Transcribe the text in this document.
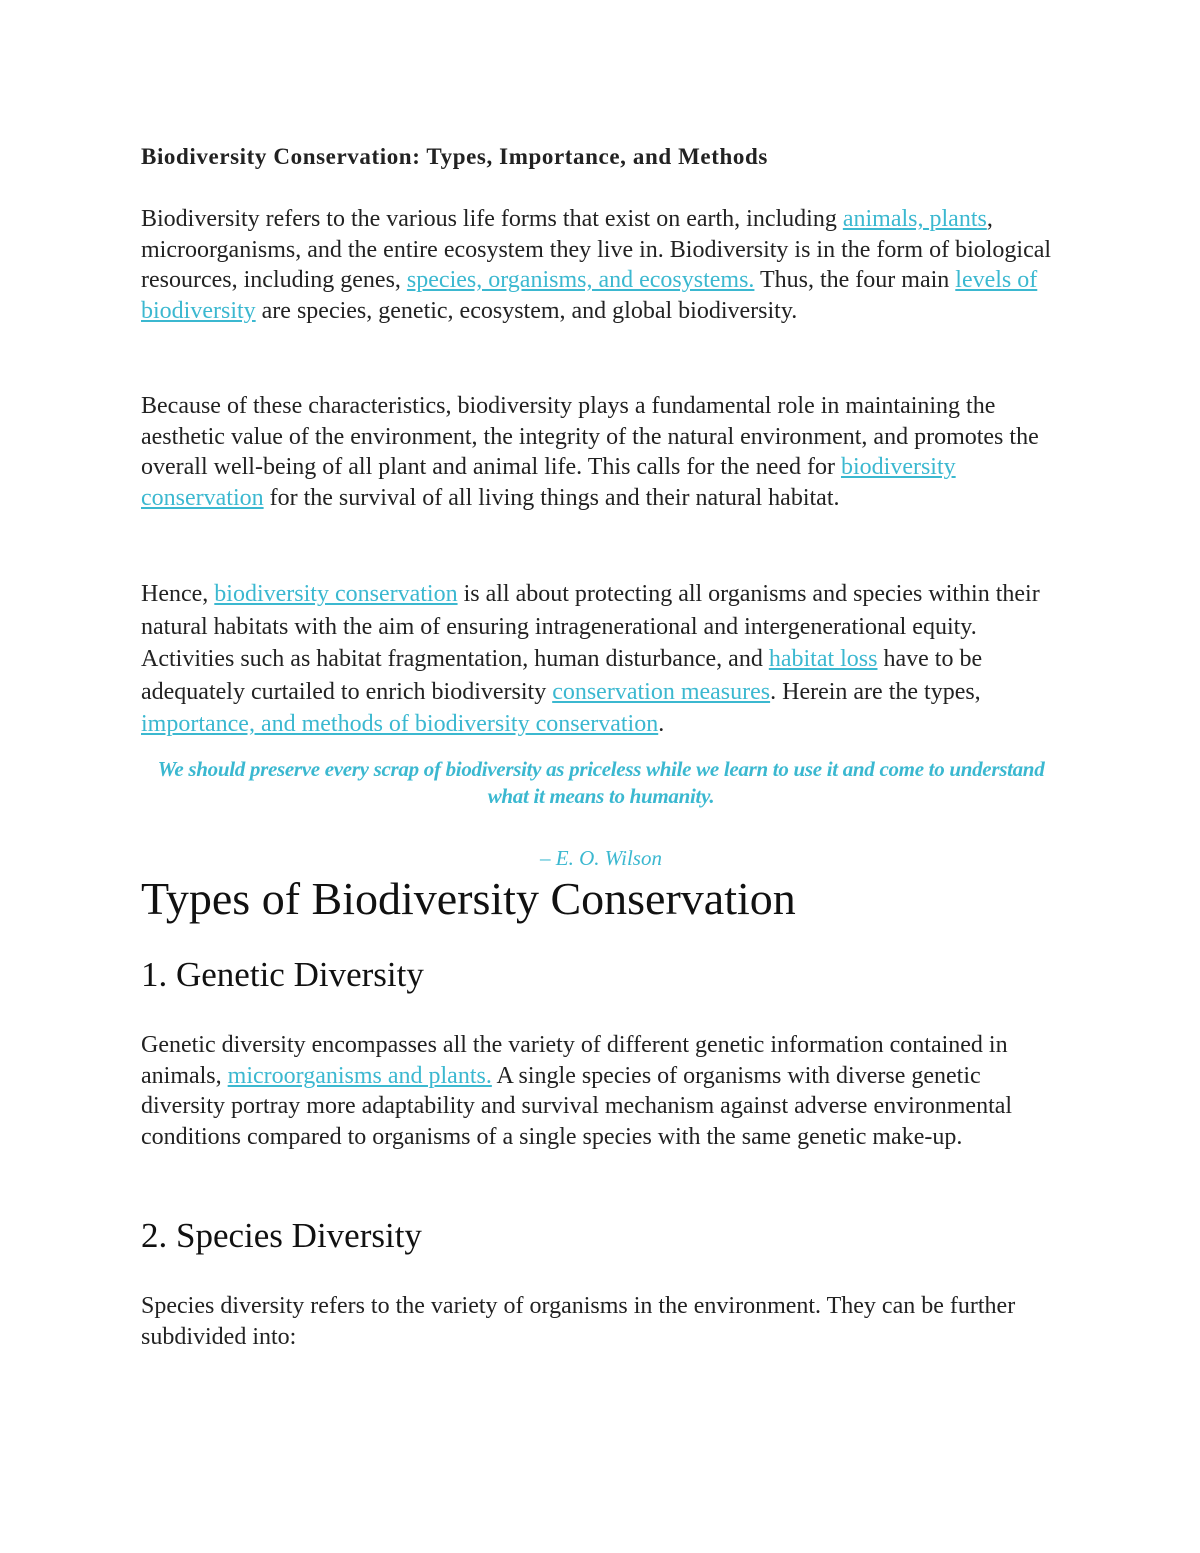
Biodiversity Conservation: Types, Importance, and Methods

Biodiversity refers to the various life forms that exist on earth, including animals, plants, microorganisms, and the entire ecosystem they live in. Biodiversity is in the form of biological resources, including genes, species, organisms, and ecosystems. Thus, the four main levels of biodiversity are species, genetic, ecosystem, and global biodiversity.

Because of these characteristics, biodiversity plays a fundamental role in maintaining the aesthetic value of the environment, the integrity of the natural environment, and promotes the overall well-being of all plant and animal life. This calls for the need for biodiversity conservation for the survival of all living things and their natural habitat.

Hence, biodiversity conservation is all about protecting all organisms and species within their natural habitats with the aim of ensuring intragenerational and intergenerational equity. Activities such as habitat fragmentation, human disturbance, and habitat loss have to be adequately curtailed to enrich biodiversity conservation measures. Herein are the types, importance, and methods of biodiversity conservation.

We should preserve every scrap of biodiversity as priceless while we learn to use it and come to understand what it means to humanity.
– E. O. Wilson
Types of Biodiversity Conservation
1. Genetic Diversity

Genetic diversity encompasses all the variety of different genetic information contained in animals, microorganisms and plants. A single species of organisms with diverse genetic diversity portray more adaptability and survival mechanism against adverse environmental conditions compared to organisms of a single species with the same genetic make-up.

2. Species Diversity

Species diversity refers to the variety of organisms in the environment. They can be further subdivided into:
